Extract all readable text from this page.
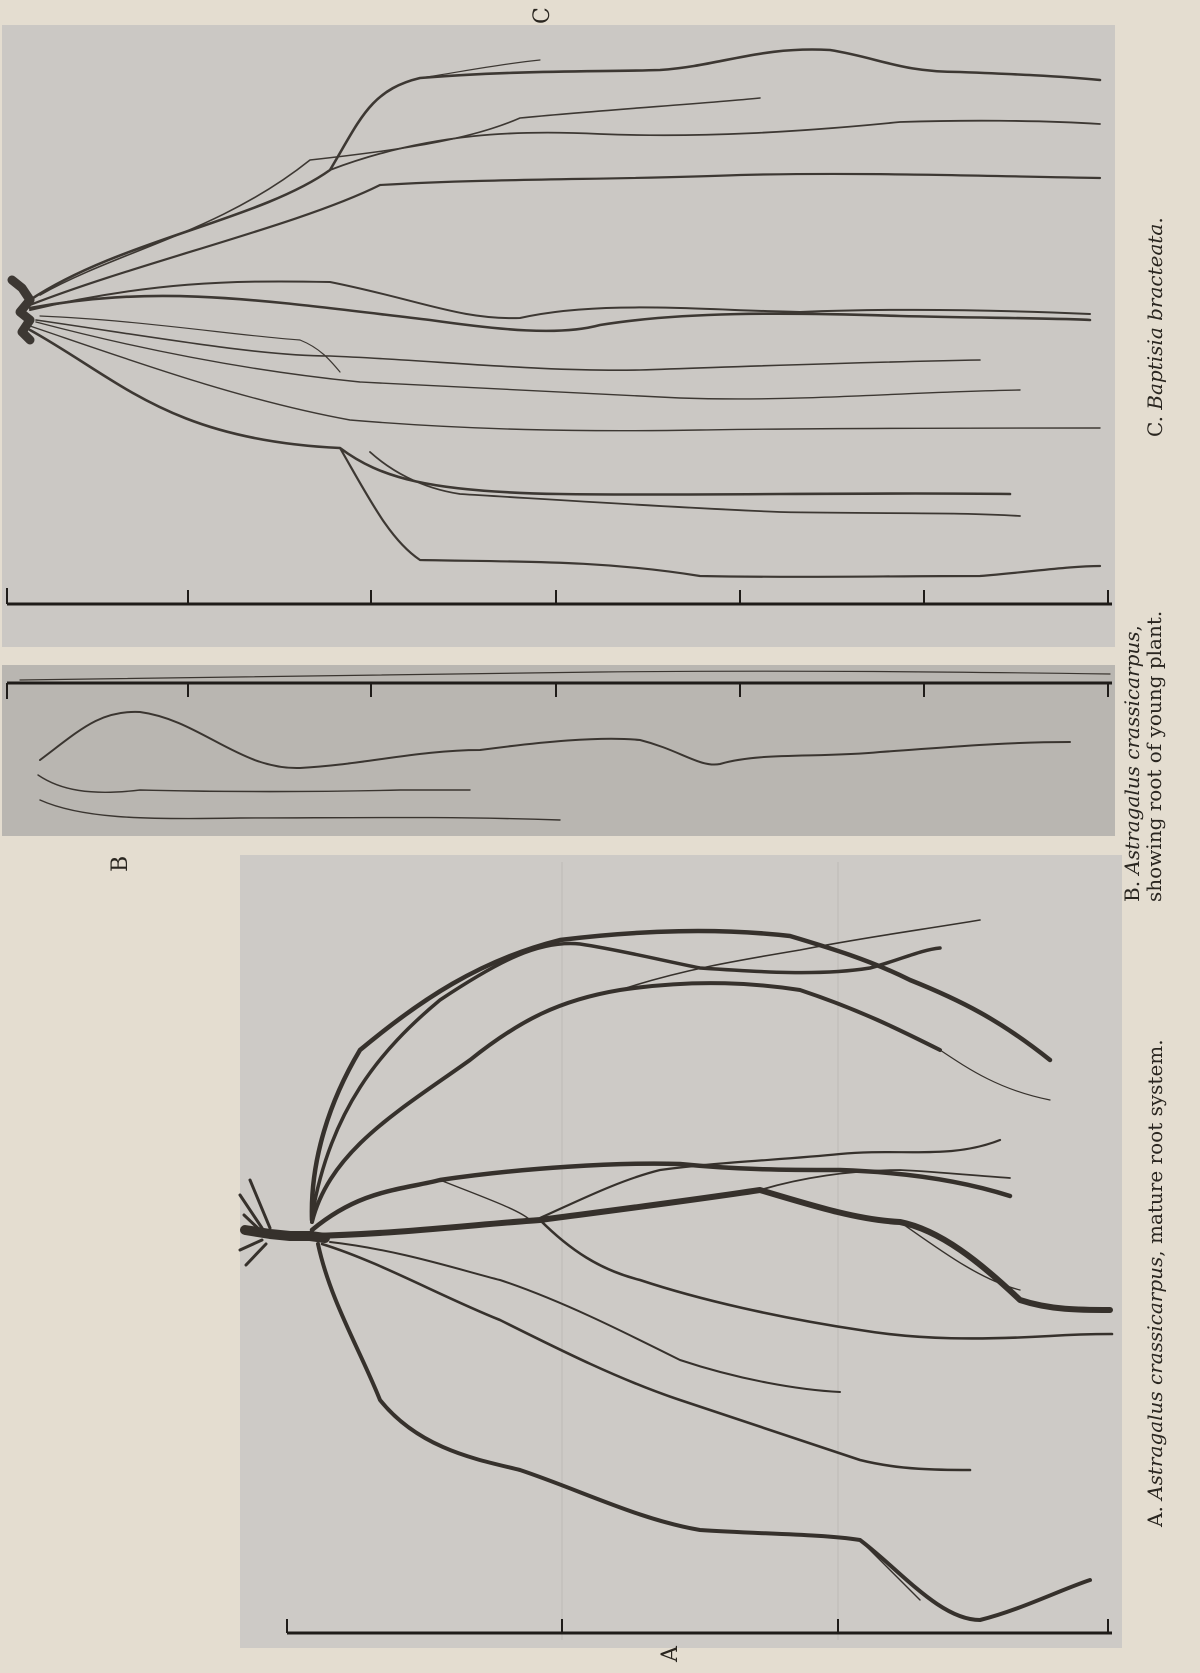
C
B
A
A. Astragalus crassicarpus, mature root system.
B. Astragalus crassicarpus,
showing root of young plant.
C. Baptisia bracteata.
